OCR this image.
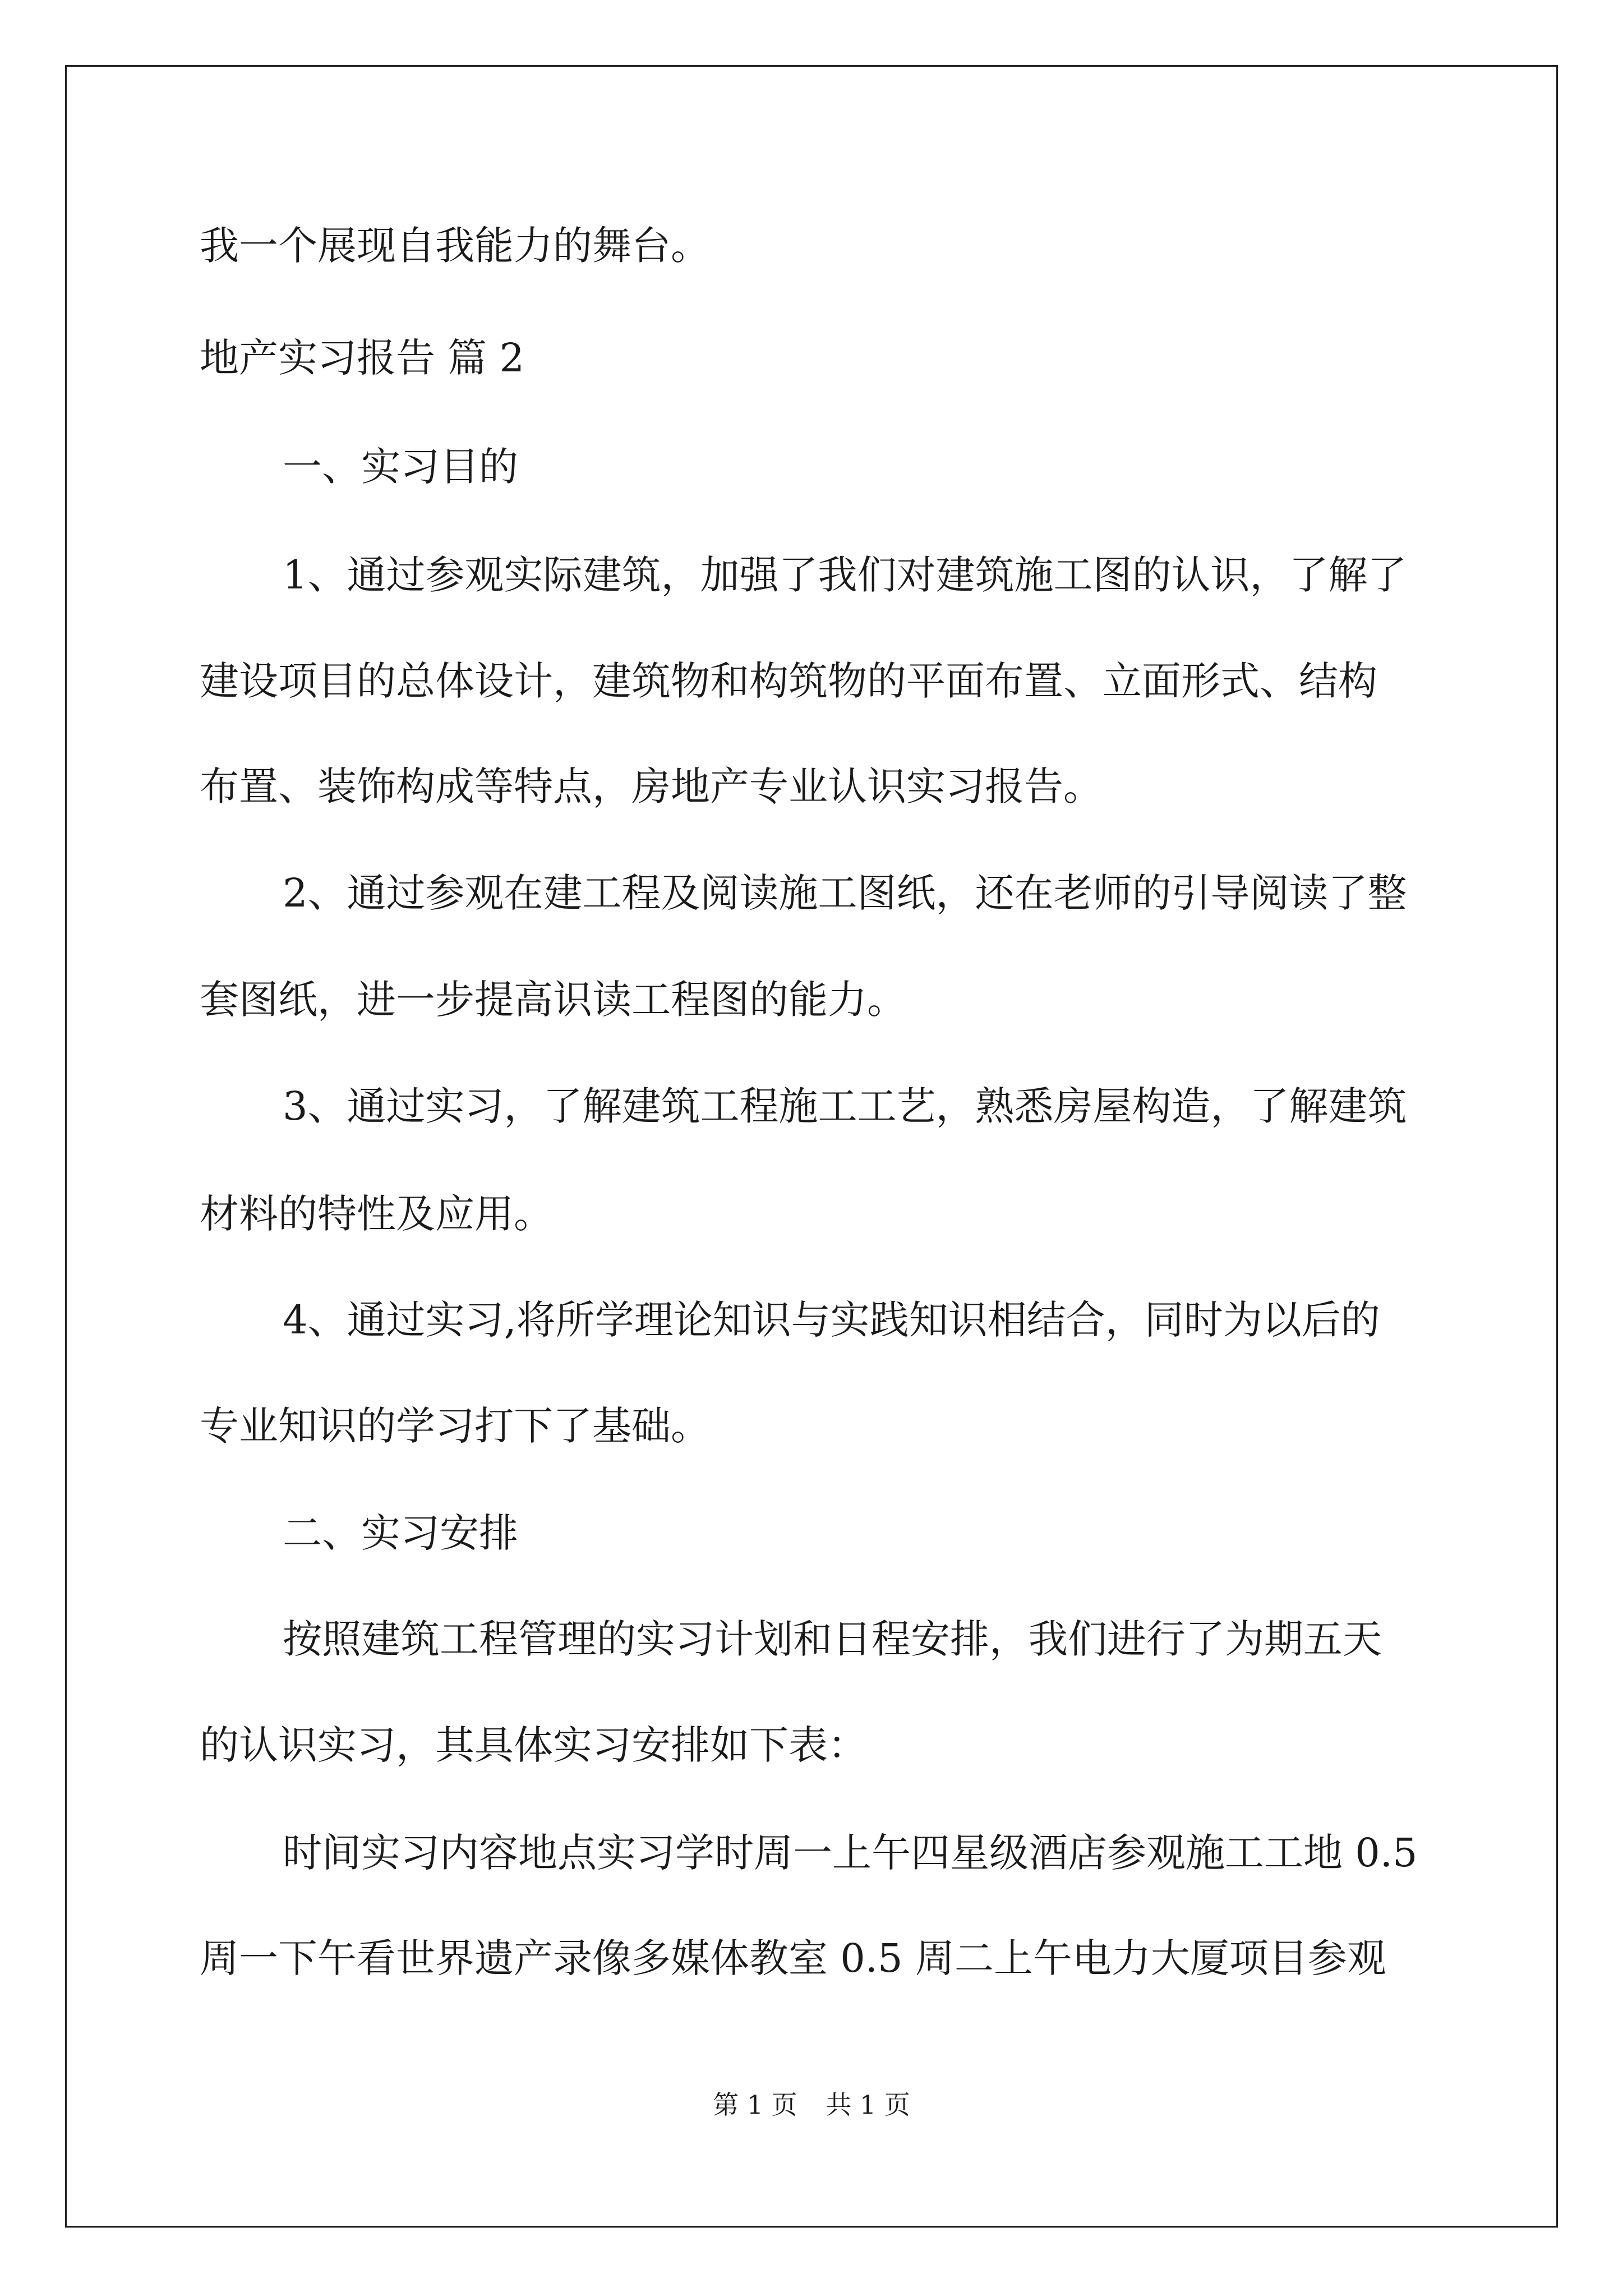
我一个展现自我能力的舞台。
地产实习报告 篇 2
一、实习目的
1、通过参观实际建筑，加强了我们对建筑施工图的认识，了解了
建设项目的总体设计，建筑物和构筑物的平面布置、立面形式、结构
布置、装饰构成等特点，房地产专业认识实习报告。
2、通过参观在建工程及阅读施工图纸，还在老师的引导阅读了整
套图纸，进一步提高识读工程图的能力。
3、通过实习，了解建筑工程施工工艺，熟悉房屋构造，了解建筑
材料的特性及应用。
4、通过实习,将所学理论知识与实践知识相结合，同时为以后的
专业知识的学习打下了基础。
二、实习安排
按照建筑工程管理的实习计划和日程安排，我们进行了为期五天
的认识实习，其具体实习安排如下表：
时间实习内容地点实习学时周一上午四星级酒店参观施工工地 0.5
周一下午看世界遗产录像多媒体教室 0.5 周二上午电力大厦项目参观
第 1 页 共 1 页
